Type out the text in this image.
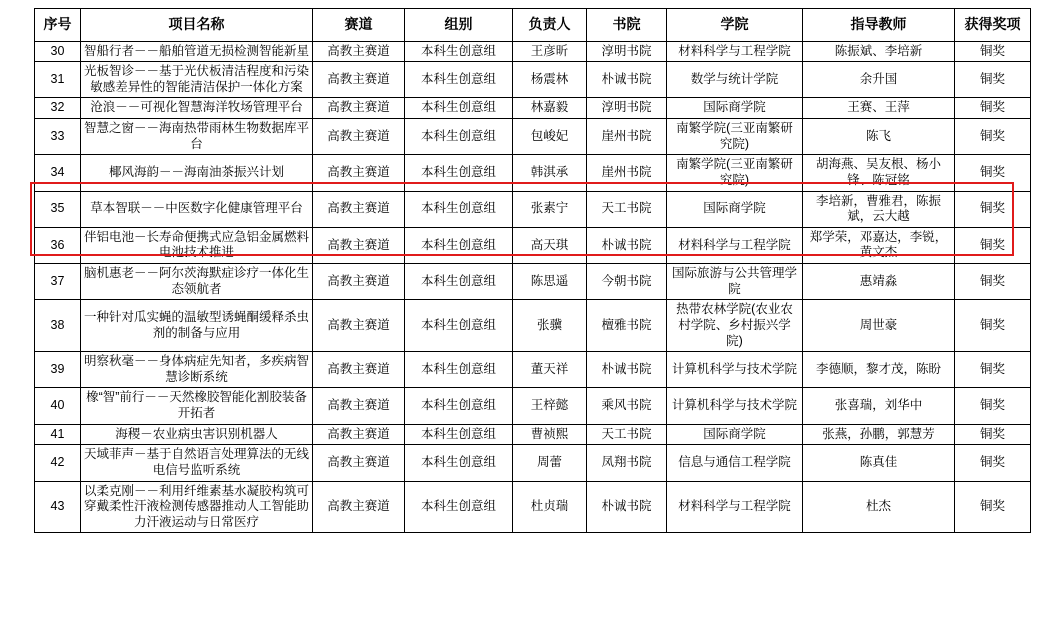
序号	项目名称	赛道	组别	负责人	书院	学院	指导教师	获得奖项
30	智船行者－－船舶管道无损检测智能新星	高教主赛道	本科生创意组	王彦昕	淳明书院	材料科学与工程学院	陈振斌、李培新	铜奖
31	光板智诊－－基于光伏板清洁程度和污染敏感差异性的智能清洁保护一体化方案	高教主赛道	本科生创意组	杨震林	朴诚书院	数学与统计学院	余升国	铜奖
32	沧浪－－可视化智慧海洋牧场管理平台	高教主赛道	本科生创意组	林嘉毅	淳明书院	国际商学院	王赛、王萍	铜奖
33	智慧之窗－－海南热带雨林生物数据库平台	高教主赛道	本科生创意组	包峻妃	崖州书院	南繁学院(三亚南繁研究院)	陈飞	铜奖
34	椰风海韵－－海南油茶振兴计划	高教主赛道	本科生创意组	韩淇承	崖州书院	南繁学院(三亚南繁研究院)	胡海燕、吴友根、杨小锋、陈冠铭	铜奖
35	草本智联－－中医数字化健康管理平台	高教主赛道	本科生创意组	张素宁	天工书院	国际商学院	李培新，曹雅君，陈振斌，云大越	铜奖
36	伴铝电池－长寿命便携式应急铝金属燃料电池技术推进	高教主赛道	本科生创意组	高天琪	朴诚书院	材料科学与工程学院	郑学荣，邓嘉达，李锐，黄文杰	铜奖
37	脑机惠老－－阿尔茨海默症诊疗一体化生态领航者	高教主赛道	本科生创意组	陈思遥	今朝书院	国际旅游与公共管理学院	惠靖淼	铜奖
38	一种针对瓜实蝇的温敏型诱蝇酮缓释杀虫剂的制备与应用	高教主赛道	本科生创意组	张骥	檀雅书院	热带农林学院(农业农村学院、乡村振兴学院)	周世豪	铜奖
39	明察秋毫－－身体病症先知者，多疾病智慧诊断系统	高教主赛道	本科生创意组	董天祥	朴诚书院	计算机科学与技术学院	李德顺，黎才茂，陈盼	铜奖
40	橡“智”前行－－天然橡胶智能化割胶装备开拓者	高教主赛道	本科生创意组	王梓懿	乘风书院	计算机科学与技术学院	张喜瑞，刘华中	铜奖
41	海稷－农业病虫害识别机器人	高教主赛道	本科生创意组	曹祯熙	天工书院	国际商学院	张燕，孙鹏，郭慧芳	铜奖
42	天域菲声－基于自然语言处理算法的无线电信号监听系统	高教主赛道	本科生创意组	周蕾	凤翔书院	信息与通信工程学院	陈真佳	铜奖
43	以柔克刚－－利用纤维素基水凝胶构筑可穿戴柔性汗液检测传感器推动人工智能助力汗液运动与日常医疗	高教主赛道	本科生创意组	杜贞瑞	朴诚书院	材料科学与工程学院	杜杰	铜奖
